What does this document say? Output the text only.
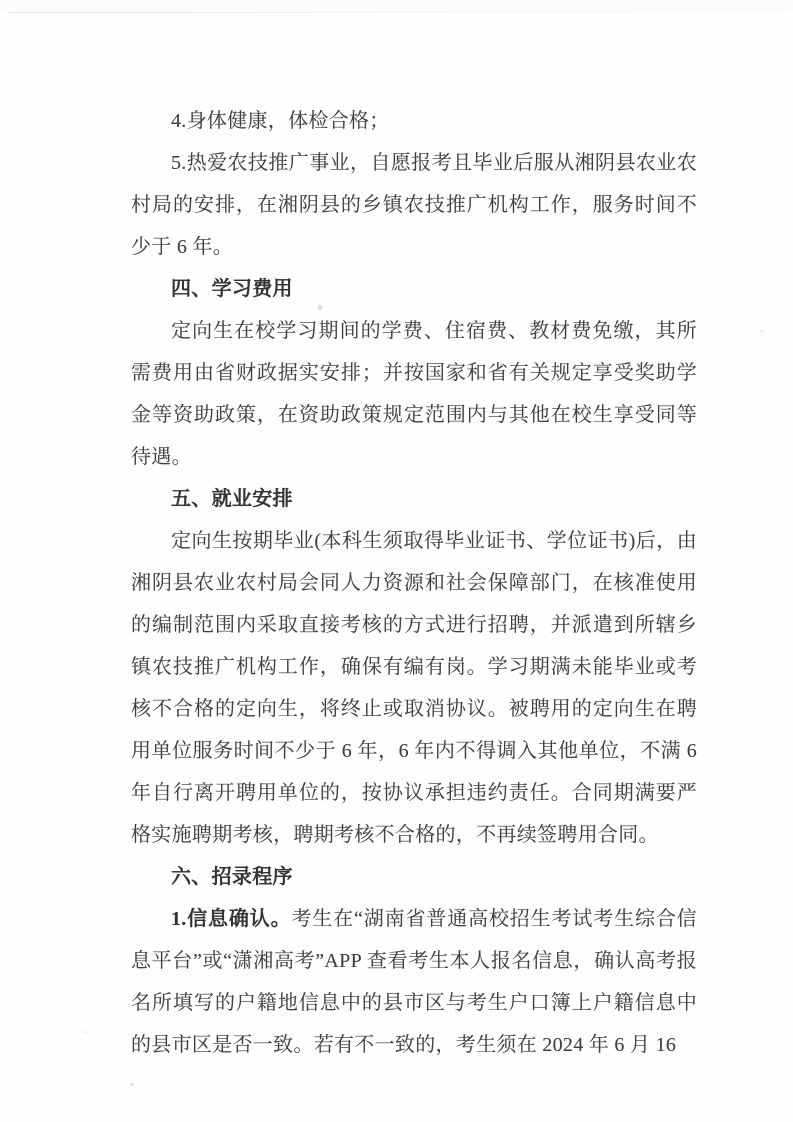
4.身体健康，体检合格；

5.热爱农技推广事业，自愿报考且毕业后服从湘阴县农业农村局的安排，在湘阴县的乡镇农技推广机构工作，服务时间不少于 6 年。

四、学习费用

定向生在校学习期间的学费、住宿费、教材费免缴，其所需费用由省财政据实安排；并按国家和省有关规定享受奖助学金等资助政策，在资助政策规定范围内与其他在校生享受同等待遇。

五、就业安排

定向生按期毕业(本科生须取得毕业证书、学位证书)后，由湘阴县农业农村局会同人力资源和社会保障部门，在核准使用的编制范围内采取直接考核的方式进行招聘，并派遣到所辖乡镇农技推广机构工作，确保有编有岗。学习期满未能毕业或考核不合格的定向生，将终止或取消协议。被聘用的定向生在聘用单位服务时间不少于 6 年，6 年内不得调入其他单位，不满 6 年自行离开聘用单位的，按协议承担违约责任。合同期满要严格实施聘期考核，聘期考核不合格的，不再续签聘用合同。

六、招录程序

1.信息确认。考生在“湖南省普通高校招生考试考生综合信息平台”或“潇湘高考”APP 查看考生本人报名信息，确认高考报名所填写的户籍地信息中的县市区与考生户口簿上户籍信息中的县市区是否一致。若有不一致的，考生须在 2024 年 6 月 16
